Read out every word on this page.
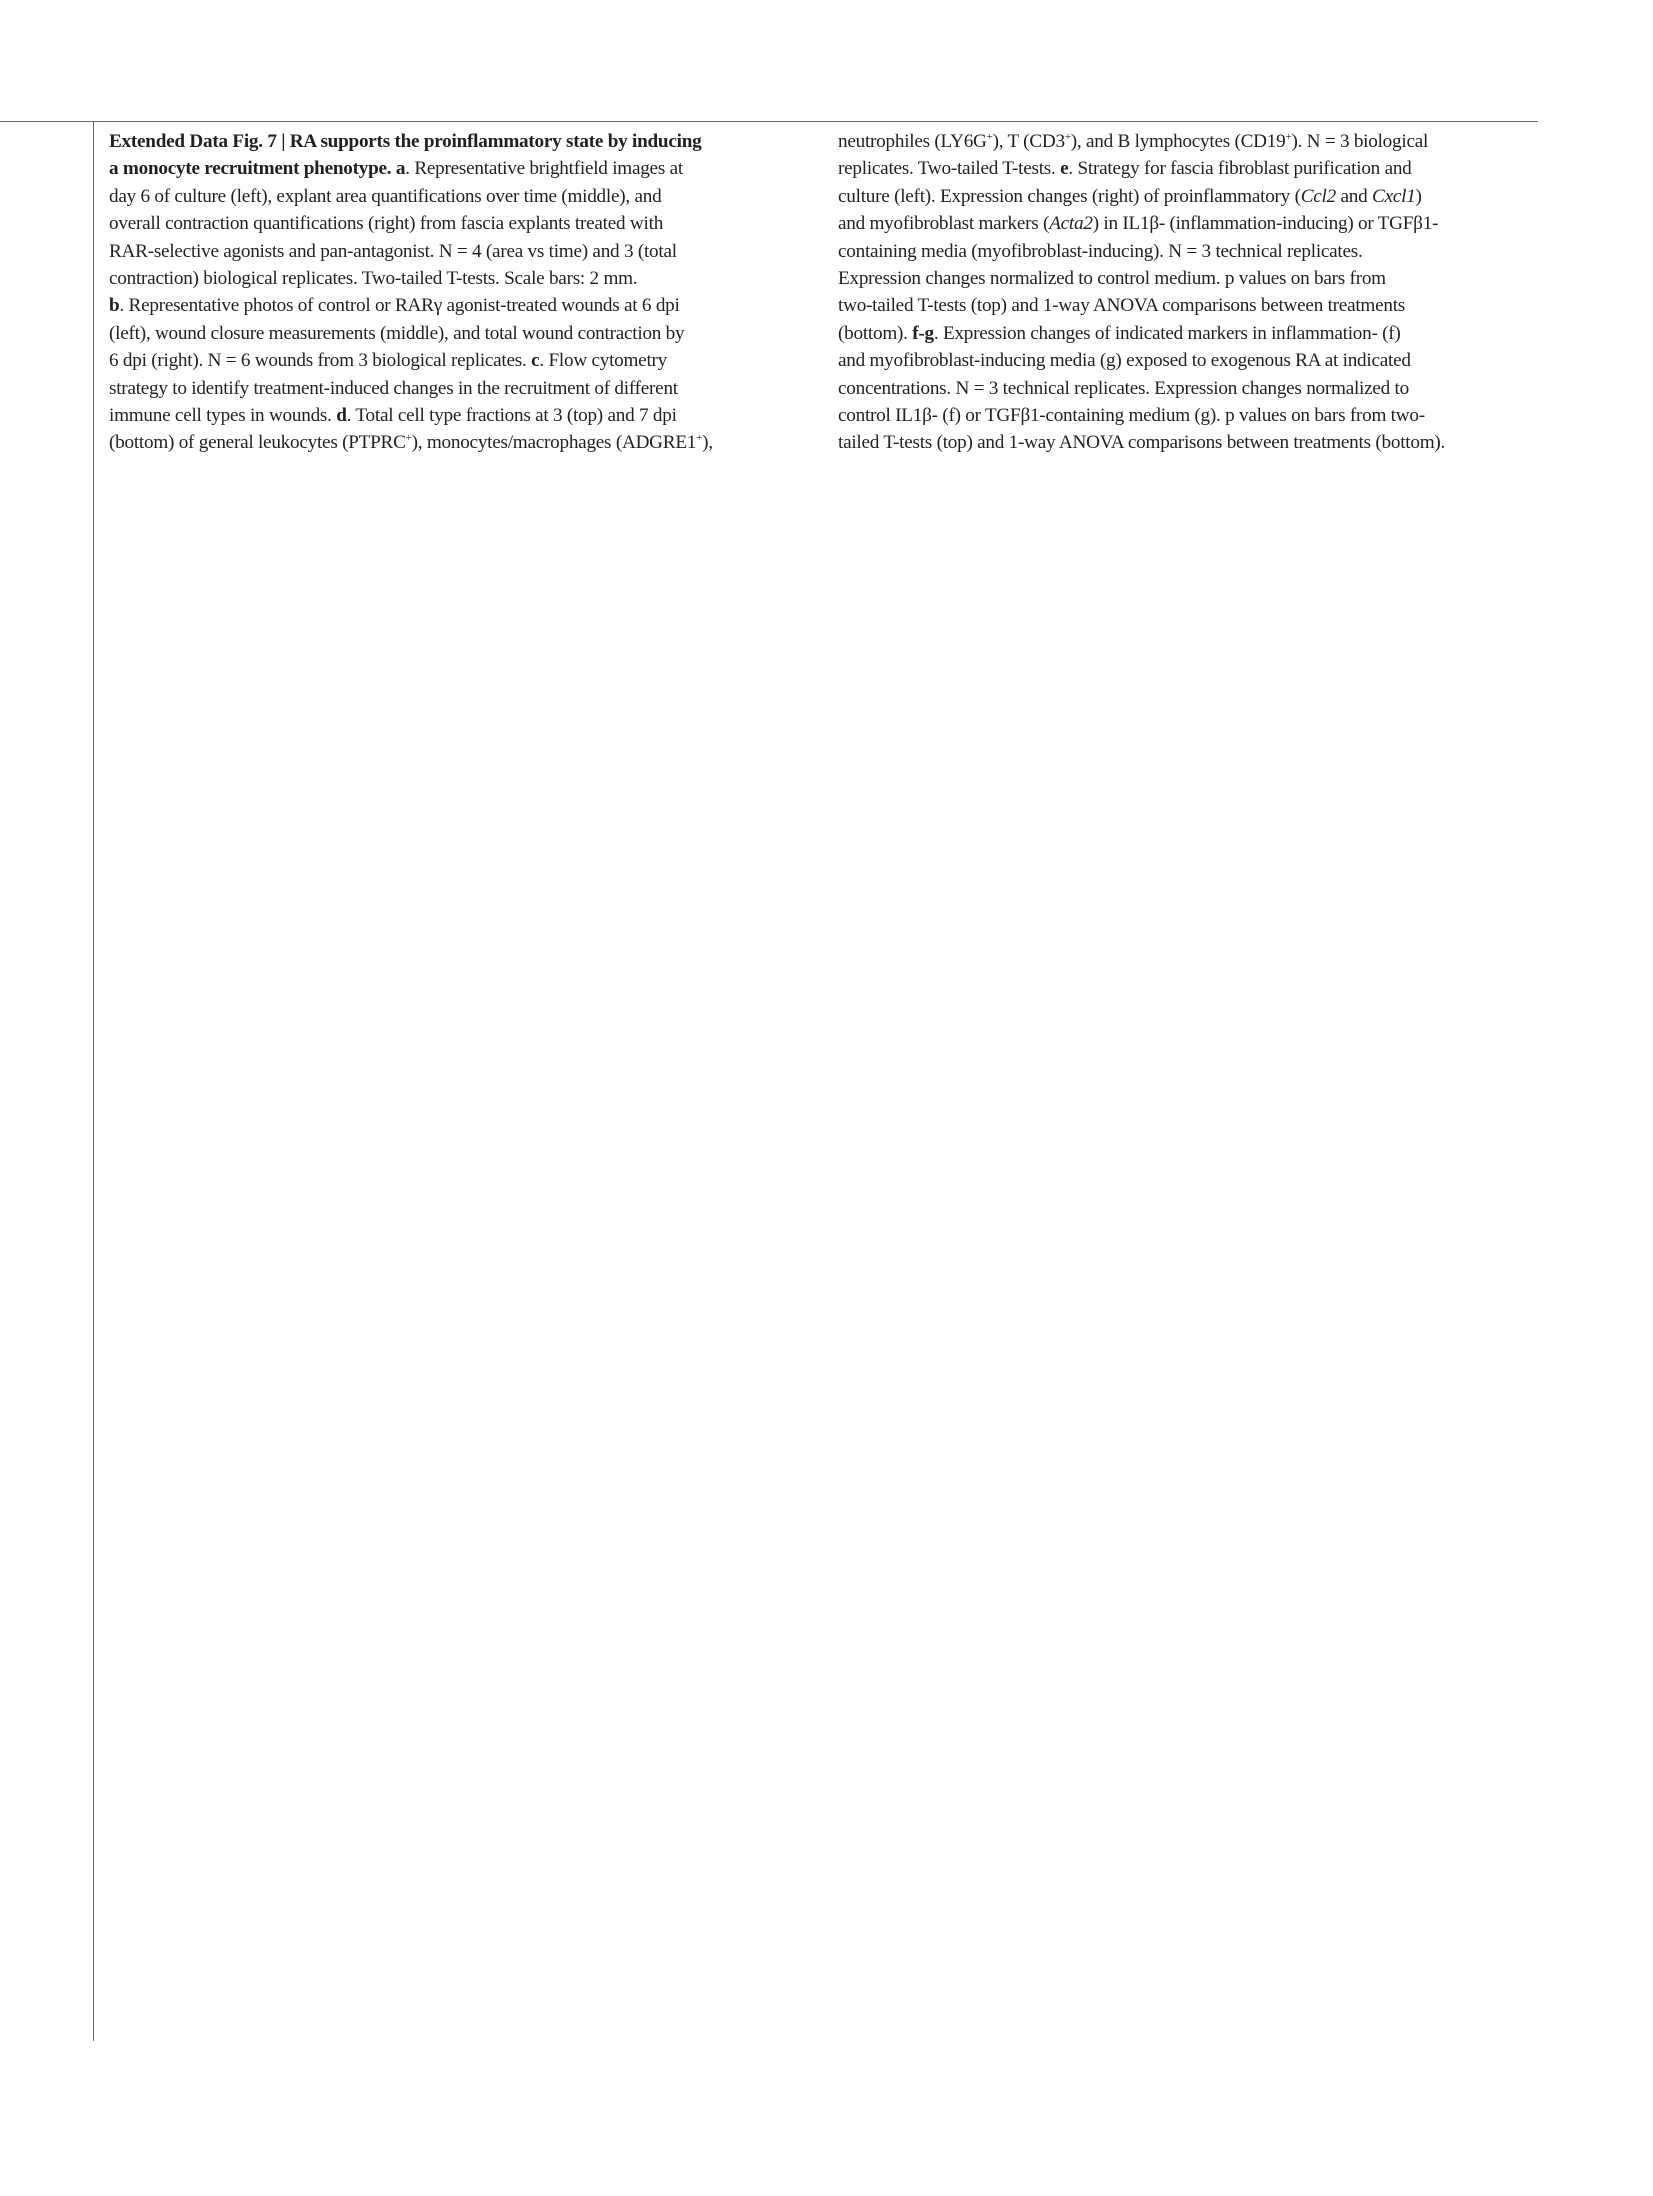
Extended Data Fig. 7 | RA supports the proinflammatory state by inducing
a monocyte recruitment phenotype. a. Representative brightfield images at
day 6 of culture (left), explant area quantifications over time (middle), and
overall contraction quantifications (right) from fascia explants treated with
RAR-selective agonists and pan-antagonist. N = 4 (area vs time) and 3 (total
contraction) biological replicates. Two-tailed T-tests. Scale bars: 2 mm.
b. Representative photos of control or RARγ agonist-treated wounds at 6 dpi
(left), wound closure measurements (middle), and total wound contraction by
6 dpi (right). N = 6 wounds from 3 biological replicates. c. Flow cytometry
strategy to identify treatment-induced changes in the recruitment of different
immune cell types in wounds. d. Total cell type fractions at 3 (top) and 7 dpi
(bottom) of general leukocytes (PTPRC+), monocytes/macrophages (ADGRE1+),
neutrophiles (LY6G+), T (CD3+), and B lymphocytes (CD19+). N = 3 biological
replicates. Two-tailed T-tests. e. Strategy for fascia fibroblast purification and
culture (left). Expression changes (right) of proinflammatory (Ccl2 and Cxcl1)
and myofibroblast markers (Acta2) in IL1β- (inflammation-inducing) or TGFβ1-
containing media (myofibroblast-inducing). N = 3 technical replicates.
Expression changes normalized to control medium. p values on bars from
two-tailed T-tests (top) and 1-way ANOVA comparisons between treatments
(bottom). f-g. Expression changes of indicated markers in inflammation- (f)
and myofibroblast-inducing media (g) exposed to exogenous RA at indicated
concentrations. N = 3 technical replicates. Expression changes normalized to
control IL1β- (f) or TGFβ1-containing medium (g). p values on bars from two-
tailed T-tests (top) and 1-way ANOVA comparisons between treatments (bottom).
